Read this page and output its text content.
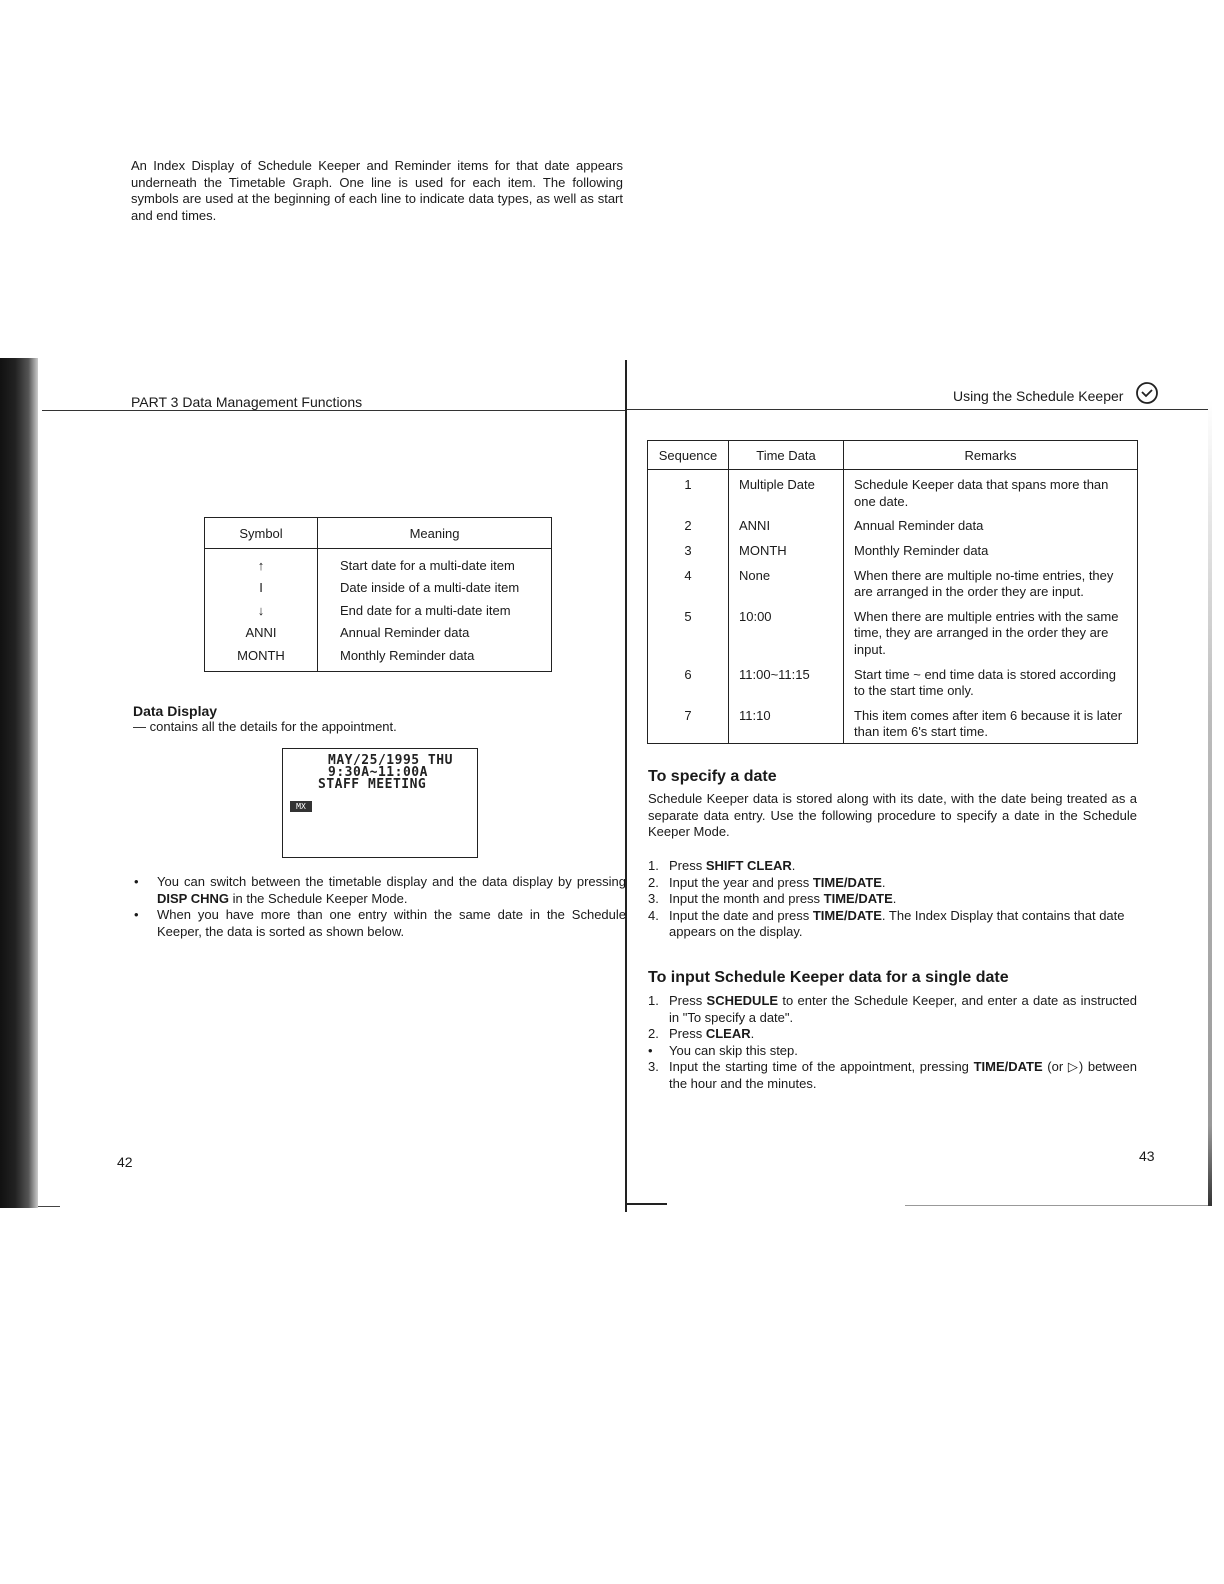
PART 3 Data Management Functions
An Index Display of Schedule Keeper and Reminder items for that date appears underneath the Timetable Graph. One line is used for each item. The following symbols are used at the beginning of each line to indicate data types, as well as start and end times.
Symbol	Meaning
↑	Start date for a multi-date item
I	Date inside of a multi-date item
↓	End date for a multi-date item
ANNI	Annual Reminder data
MONTH	Monthly Reminder data
Data Display
— contains all the details for the appointment.
MAY/25/1995 THU
9:30A~11:00A
STAFF MEETING
MX
• You can switch between the timetable display and the data display by pressing DISP CHNG in the Schedule Keeper Mode.
• When you have more than one entry within the same date in the Schedule Keeper, the data is sorted as shown below.
42
Using the Schedule Keeper
Sequence	Time Data	Remarks
1	Multiple Date	Schedule Keeper data that spans more than one date.
2	ANNI	Annual Reminder data
3	MONTH	Monthly Reminder data
4	None	When there are multiple no-time entries, they are arranged in the order they are input.
5	10:00	When there are multiple entries with the same time, they are arranged in the order they are input.
6	11:00~11:15	Start time ~ end time data is stored according to the start time only.
7	11:10	This item comes after item 6 because it is later than item 6's start time.
To specify a date
Schedule Keeper data is stored along with its date, with the date being treated as a separate data entry. Use the following procedure to specify a date in the Schedule Keeper Mode.
1. Press SHIFT CLEAR.
2. Input the year and press TIME/DATE.
3. Input the month and press TIME/DATE.
4. Input the date and press TIME/DATE. The Index Display that contains that date appears on the display.
To input Schedule Keeper data for a single date
1. Press SCHEDULE to enter the Schedule Keeper, and enter a date as instructed in "To specify a date".
2. Press CLEAR.
• You can skip this step.
3. Input the starting time of the appointment, pressing TIME/DATE (or ▷) between the hour and the minutes.
43
